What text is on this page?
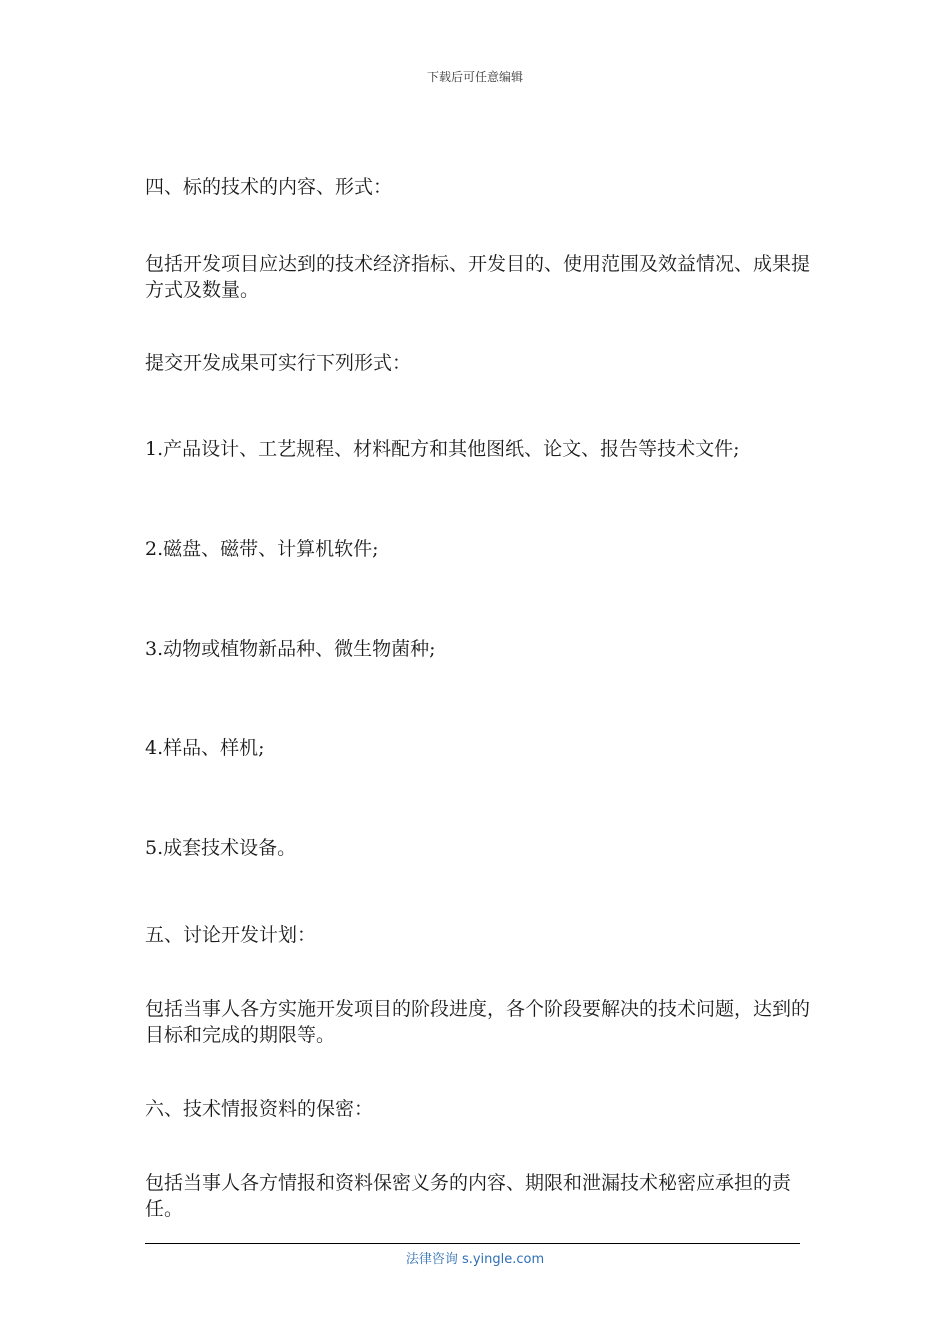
下载后可任意编辑

四、标的技术的内容、形式：

包括开发项目应达到的技术经济指标、开发目的、使用范围及效益情况、成果提方式及数量。

提交开发成果可实行下列形式：

1.产品设计、工艺规程、材料配方和其他图纸、论文、报告等技术文件;

2.磁盘、磁带、计算机软件;

3.动物或植物新品种、微生物菌种;

4.样品、样机;

5.成套技术设备。

五、讨论开发计划：

包括当事人各方实施开发项目的阶段进度，各个阶段要解决的技术问题，达到的目标和完成的期限等。

六、技术情报资料的保密：

包括当事人各方情报和资料保密义务的内容、期限和泄漏技术秘密应承担的责任。

法律咨询 s.yingle.com
